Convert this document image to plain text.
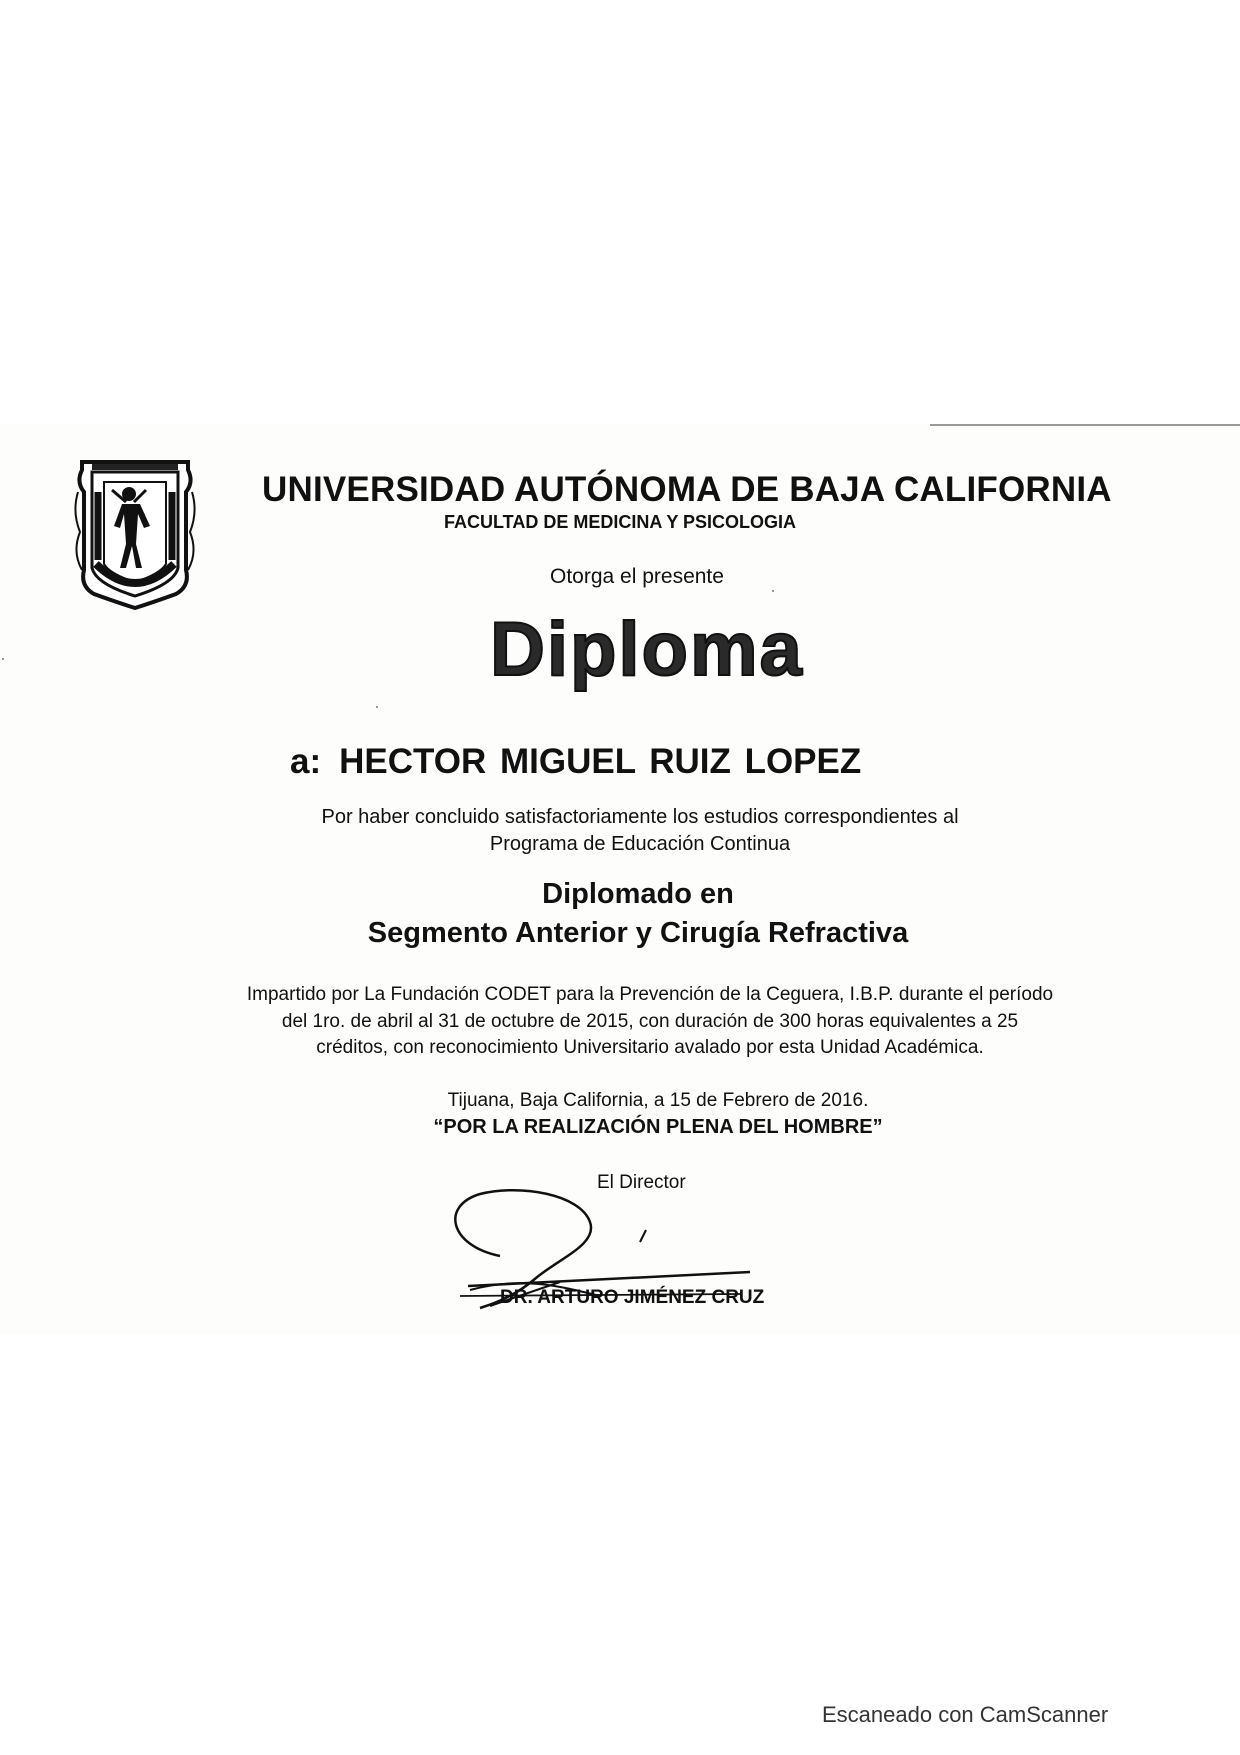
UNIVERSIDAD AUTÓNOMA DE BAJA CALIFORNIA
FACULTAD DE MEDICINA Y PSICOLOGIA
Otorga el presente
Diploma
a: HECTOR MIGUEL RUIZ LOPEZ
Por haber concluido satisfactoriamente los estudios correspondientes al
Programa de Educación Continua
Diplomado en
Segmento Anterior y Cirugía Refractiva
Impartido por La Fundación CODET para la Prevención de la Ceguera, I.B.P. durante el período
del 1ro. de abril al 31 de octubre de 2015, con duración de 300 horas equivalentes a 25
créditos, con reconocimiento Universitario avalado por esta Unidad Académica.
Tijuana, Baja California, a 15 de Febrero de 2016.
“POR LA REALIZACIÓN PLENA DEL HOMBRE”
El Director
DR. ARTURO JIMÉNEZ CRUZ
Escaneado con CamScanner
